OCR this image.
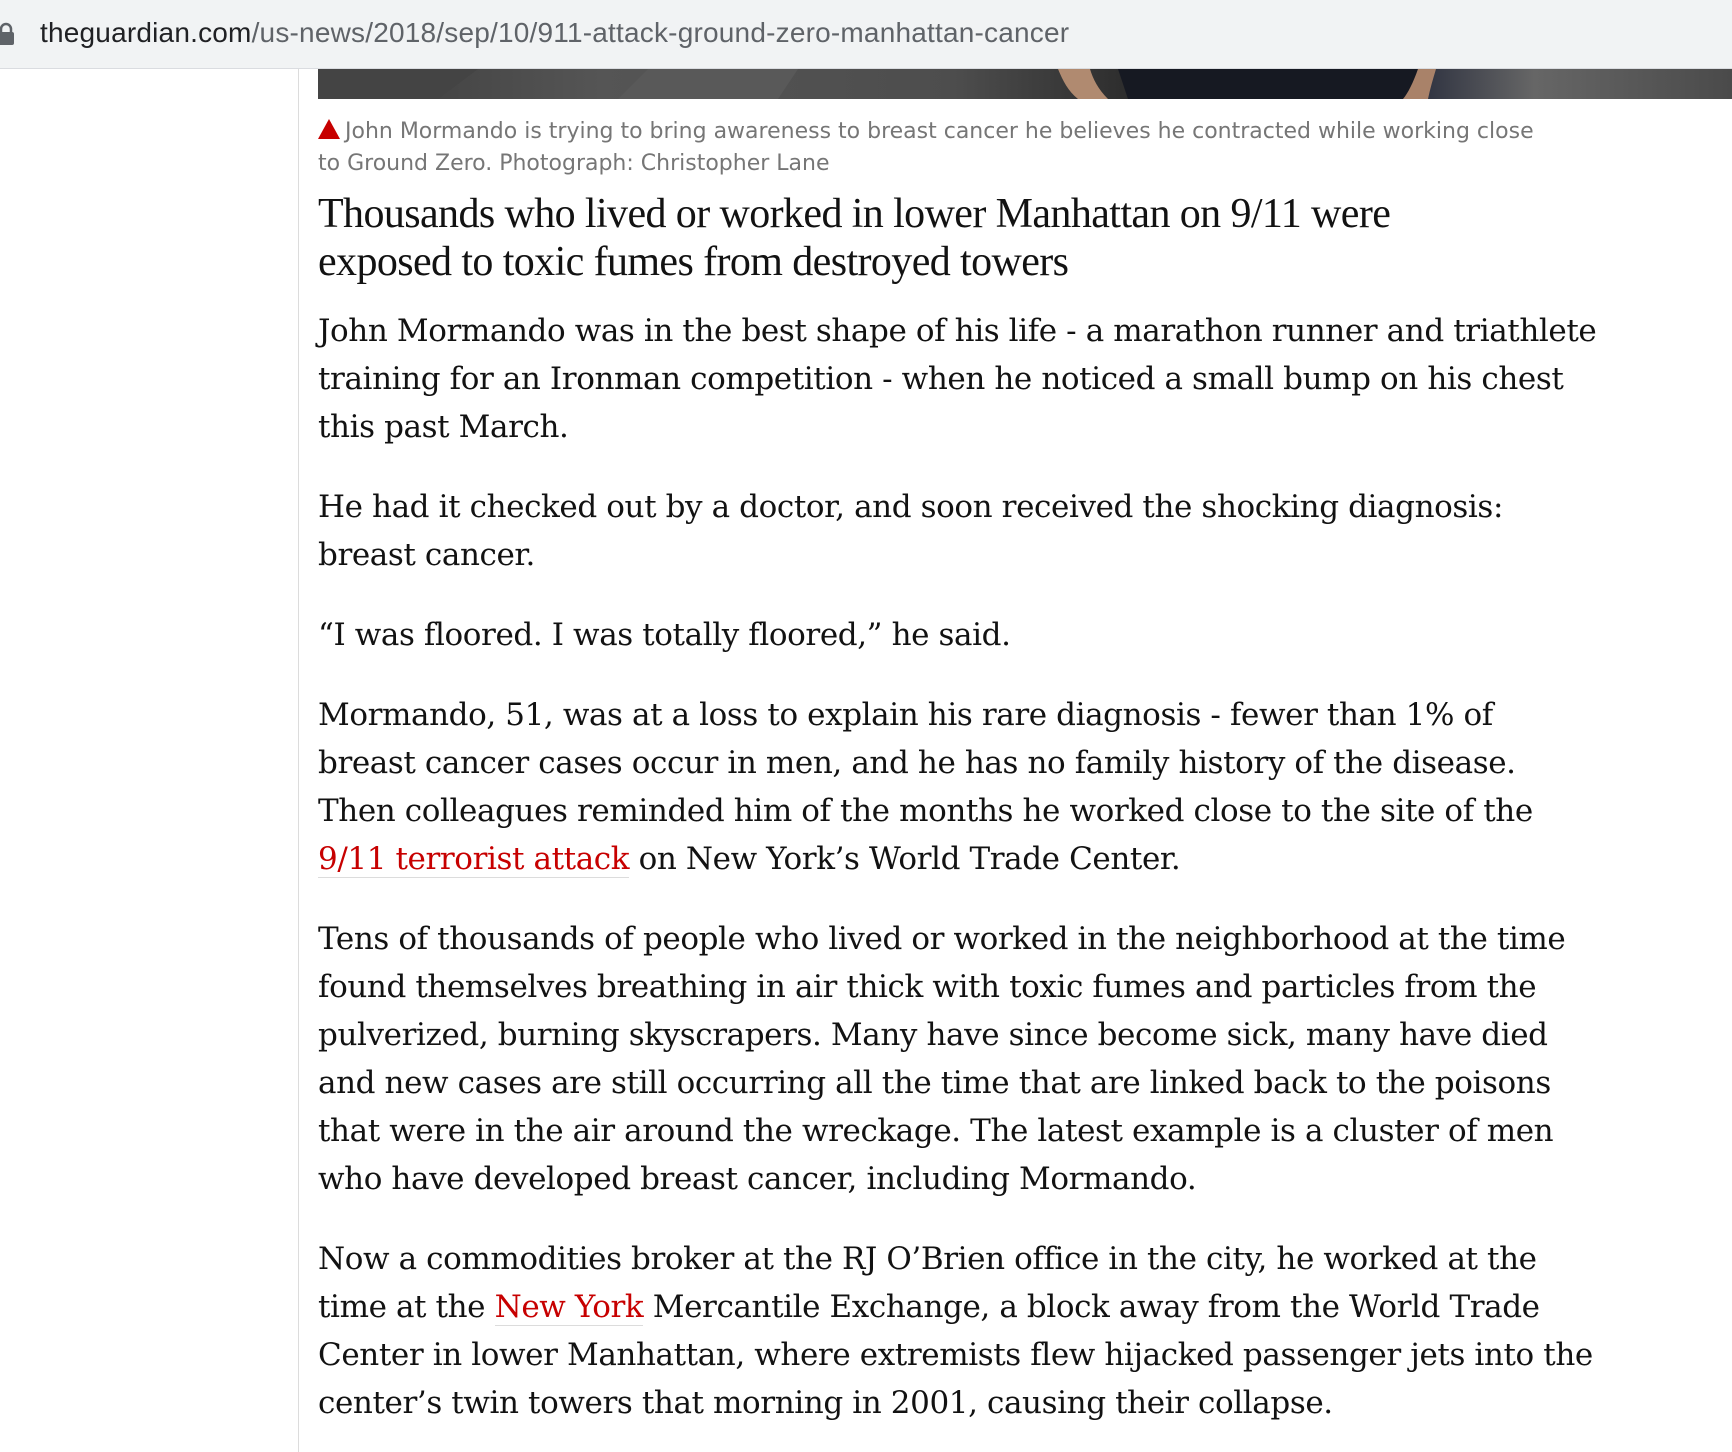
theguardian.com/us-news/2018/sep/10/911-attack-ground-zero-manhattan-cancer
John Mormando is trying to bring awareness to breast cancer he believes he contracted while working close to Ground Zero. Photograph: Christopher Lane
Thousands who lived or worked in lower Manhattan on 9/11 were exposed to toxic fumes from destroyed towers

John Mormando was in the best shape of his life - a marathon runner and triathlete training for an Ironman competition - when he noticed a small bump on his chest this past March.

He had it checked out by a doctor, and soon received the shocking diagnosis: breast cancer.

“I was floored. I was totally floored,” he said.

Mormando, 51, was at a loss to explain his rare diagnosis - fewer than 1% of breast cancer cases occur in men, and he has no family history of the disease. Then colleagues reminded him of the months he worked close to the site of the 9/11 terrorist attack on New York’s World Trade Center.

Tens of thousands of people who lived or worked in the neighborhood at the time found themselves breathing in air thick with toxic fumes and particles from the pulverized, burning skyscrapers. Many have since become sick, many have died and new cases are still occurring all the time that are linked back to the poisons that were in the air around the wreckage. The latest example is a cluster of men who have developed breast cancer, including Mormando.

Now a commodities broker at the RJ O’Brien office in the city, he worked at the time at the New York Mercantile Exchange, a block away from the World Trade Center in lower Manhattan, where extremists flew hijacked passenger jets into the center’s twin towers that morning in 2001, causing their collapse.
